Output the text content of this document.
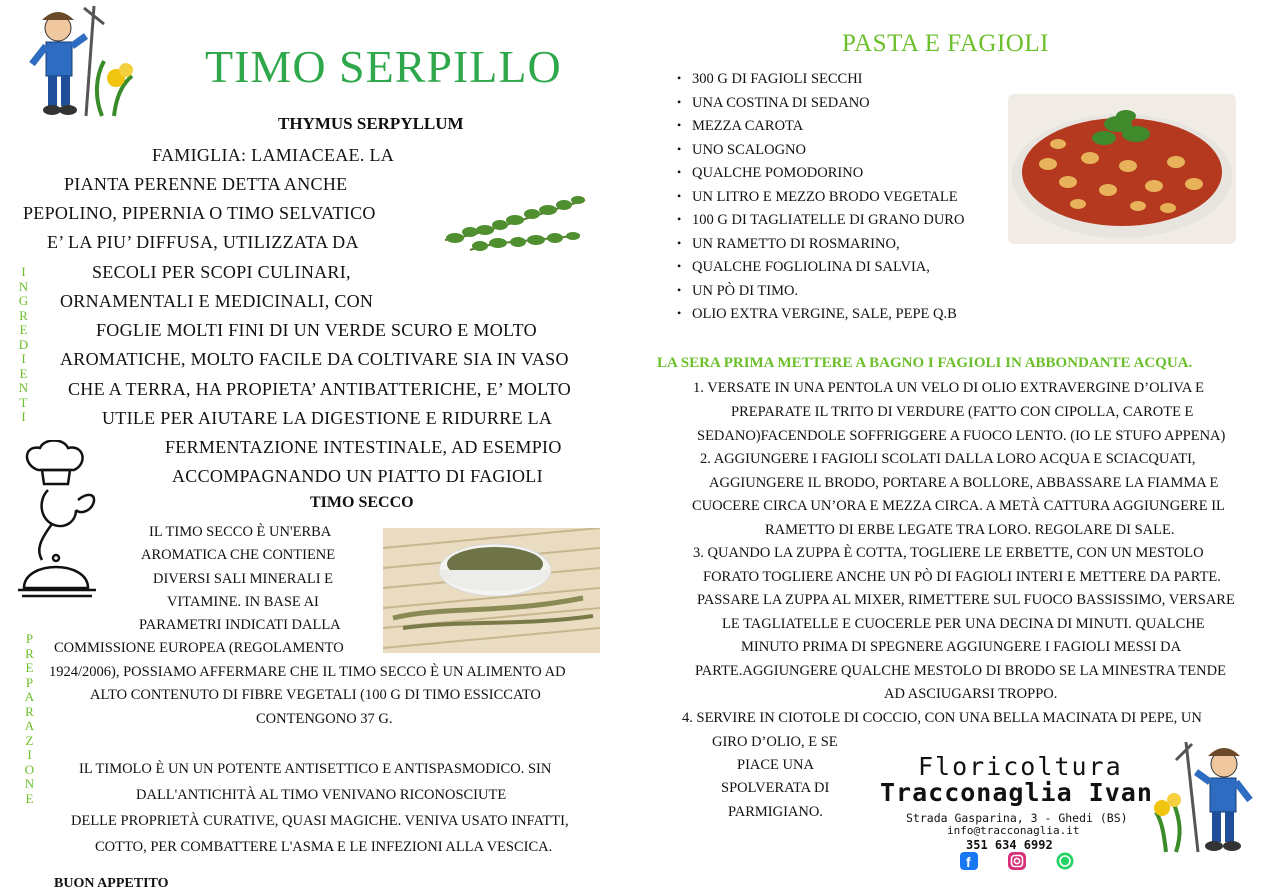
TIMO SERPILLO
THYMUS SERPYLLUM
FAMIGLIA: LAMIACEAE. LA
PIANTA PERENNE DETTA ANCHE
PEPOLINO, PIPERNIA O TIMO SELVATICO
E’ LA PIU’ DIFFUSA, UTILIZZATA DA
SECOLI PER SCOPI CULINARI,
ORNAMENTALI E MEDICINALI, CON
FOGLIE MOLTI FINI DI UN VERDE SCURO E MOLTO
AROMATICHE, MOLTO FACILE DA COLTIVARE SIA IN VASO
CHE A TERRA, HA PROPIETA’ ANTIBATTERICHE, E’ MOLTO
UTILE PER AIUTARE LA DIGESTIONE E RIDURRE LA
FERMENTAZIONE INTESTINALE, AD ESEMPIO
ACCOMPAGNANDO UN PIATTO DI FAGIOLI
I
N
G
R
E
D
I
E
N
T
I
P
R
E
P
A
R
A
Z
I
O
N
E
TIMO SECCO
IL TIMO SECCO È UN'ERBA
AROMATICA CHE CONTIENE
DIVERSI SALI MINERALI E
VITAMINE. IN BASE AI
PARAMETRI INDICATI DALLA
COMMISSIONE EUROPEA (REGOLAMENTO
1924/2006), POSSIAMO AFFERMARE CHE IL TIMO SECCO È UN ALIMENTO AD
ALTO CONTENUTO DI FIBRE VEGETALI (100 G DI TIMO ESSICCATO
CONTENGONO 37 G.
IL TIMOLO È UN UN POTENTE ANTISETTICO E ANTISPASMODICO. SIN
DALL'ANTICHITÀ AL TIMO VENIVANO RICONOSCIUTE
DELLE PROPRIETÀ CURATIVE, QUASI MAGICHE. VENIVA USATO INFATTI,
COTTO, PER COMBATTERE L'ASMA E LE INFEZIONI ALLA VESCICA.
BUON APPETITO
PASTA E FAGIOLI
• 300 G DI FAGIOLI SECCHI
• UNA COSTINA DI SEDANO
• MEZZA CAROTA
• UNO SCALOGNO
• QUALCHE POMODORINO
• UN LITRO E MEZZO BRODO VEGETALE
• 100 G DI TAGLIATELLE DI GRANO DURO
• UN RAMETTO DI ROSMARINO,
• QUALCHE FOGLIOLINA DI SALVIA,
• UN PÒ DI TIMO.
• OLIO EXTRA VERGINE, SALE, PEPE Q.B
LA SERA PRIMA METTERE A BAGNO I FAGIOLI IN ABBONDANTE ACQUA.
1. VERSATE IN UNA PENTOLA UN VELO DI OLIO EXTRAVERGINE D’OLIVA E
PREPARATE IL TRITO DI VERDURE (FATTO CON CIPOLLA, CAROTE E
SEDANO)FACENDOLE SOFFRIGGERE A FUOCO LENTO. (IO LE STUFO APPENA)
2. AGGIUNGERE I FAGIOLI SCOLATI DALLA LORO ACQUA E SCIACQUATI,
AGGIUNGERE IL BRODO, PORTARE A BOLLORE, ABBASSARE LA FIAMMA E
CUOCERE CIRCA UN’ORA E MEZZA CIRCA. A METÀ CATTURA AGGIUNGERE IL
RAMETTO DI ERBE LEGATE TRA LORO. REGOLARE DI SALE.
3. QUANDO LA ZUPPA È COTTA, TOGLIERE LE ERBETTE, CON UN MESTOLO
FORATO TOGLIERE ANCHE UN PÒ DI FAGIOLI INTERI E METTERE DA PARTE.
PASSARE LA ZUPPA AL MIXER, RIMETTERE SUL FUOCO BASSISSIMO, VERSARE
LE TAGLIATELLE E CUOCERLE PER UNA DECINA DI MINUTI. QUALCHE
MINUTO PRIMA DI SPEGNERE AGGIUNGERE I FAGIOLI MESSI DA
PARTE.AGGIUNGERE QUALCHE MESTOLO DI BRODO SE LA MINESTRA TENDE
AD ASCIUGARSI TROPPO.
4. SERVIRE IN CIOTOLE DI COCCIO, CON UNA BELLA MACINATA DI PEPE, UN
GIRO D’OLIO, E SE
PIACE UNA
SPOLVERATA DI
PARMIGIANO.
Floricoltura
Tracconaglia Ivan
Strada Gasparina, 3 - Ghedi (BS)
info@tracconaglia.it
351 634 6992
f
